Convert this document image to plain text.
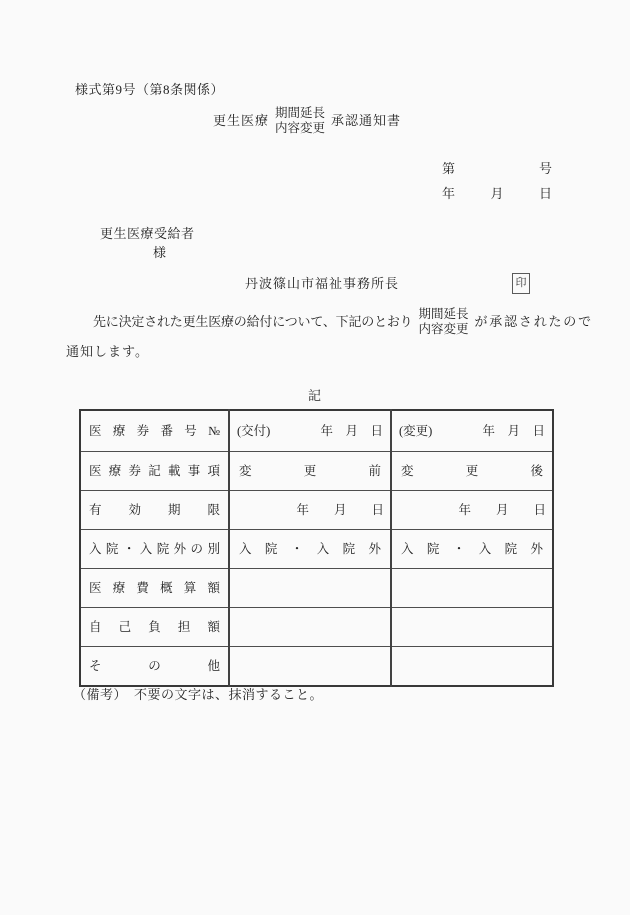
様式第9号（第8条関係）
更生医療
期間延長
内容変更 承認通知書
第	号
年	月	日
更生医療受給者
様
丹波篠山市福祉事務所長	印
先に決定された更生医療の給付について、下記のとおり
期間延長
内容変更 が承認されたので
通知します。
記
医 療 券 番 号 №	(交付) 年　月　日	(変更) 年　月　日

医 療 券 記 載 事 項	変 更 前	変 更 後
有 効 期 限	年　　月　　日	年　　月　　日
入 院 ・ 入 院 外 の 別	入 院 ・ 入 院 外	入 院 ・ 入 院 外
医 療 費 概 算 額		
自 己 負 担 額		
そ の 他		
（備考）　不要の文字は、抹消すること。
